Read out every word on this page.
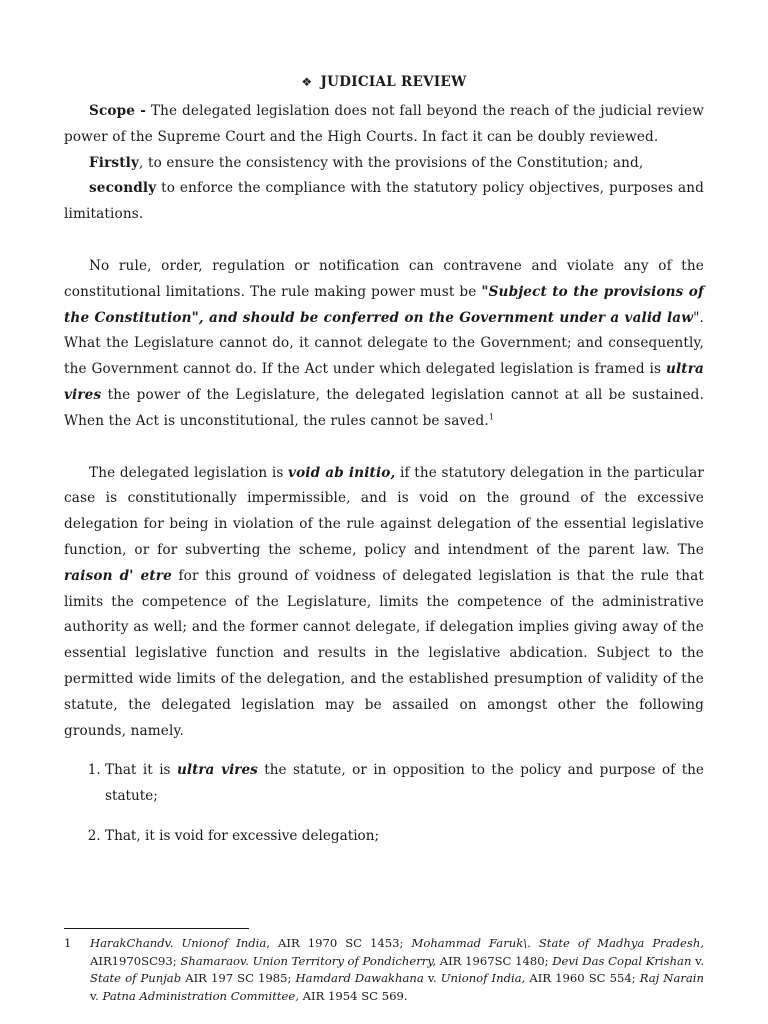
❖ JUDICIAL REVIEW

Scope - The delegated legislation does not fall beyond the reach of the judicial review power of the Supreme Court and the High Courts. In fact it can be doubly reviewed.

Firstly, to ensure the consistency with the provisions of the Constitution; and,

secondly to enforce the compliance with the statutory policy objectives, purposes and limitations.

No rule, order, regulation or notification can contravene and violate any of the constitutional limitations. The rule making power must be "Subject to the provisions of the Constitution", and should be conferred on the Government under a valid law". What the Legislature cannot do, it cannot delegate to the Government; and consequently, the Government cannot do. If the Act under which delegated legislation is framed is ultra vires the power of the Legislature, the delegated legislation cannot at all be sustained. When the Act is unconstitutional, the rules cannot be saved.$^1$

The delegated legislation is void ab initio, if the statutory delegation in the particular case is constitutionally impermissible, and is void on the ground of the excessive delegation for being in violation of the rule against delegation of the essential legislative function, or for subverting the scheme, policy and intendment of the parent law. The raison d' etre for this ground of voidness of delegated legislation is that the rule that limits the competence of the Legislature, limits the competence of the administrative authority as well; and the former cannot delegate, if delegation implies giving away of the essential legislative function and results in the legislative abdication. Subject to the permitted wide limits of the delegation, and the established presumption of validity of the statute, the delegated legislation may be assailed on amongst other the following grounds, namely.

1. That it is ultra vires the statute, or in opposition to the policy and purpose of the statute;
2. That, it is void for excessive delegation;
1	HarakChandv. Unionof India, AIR 1970 SC 1453; Mohammad Faruk\. State of Madhya Pradesh, AIR1970SC93; Shamaraov. Union Territory of Pondicherry, AIR 1967SC 1480; Devi Das Copal Krishan v. State of Punjab AIR 197 SC 1985; Hamdard Dawakhana v. Unionof India, AIR 1960 SC 554; Raj Narain v. Patna Administration Committee, AIR 1954 SC 569.
